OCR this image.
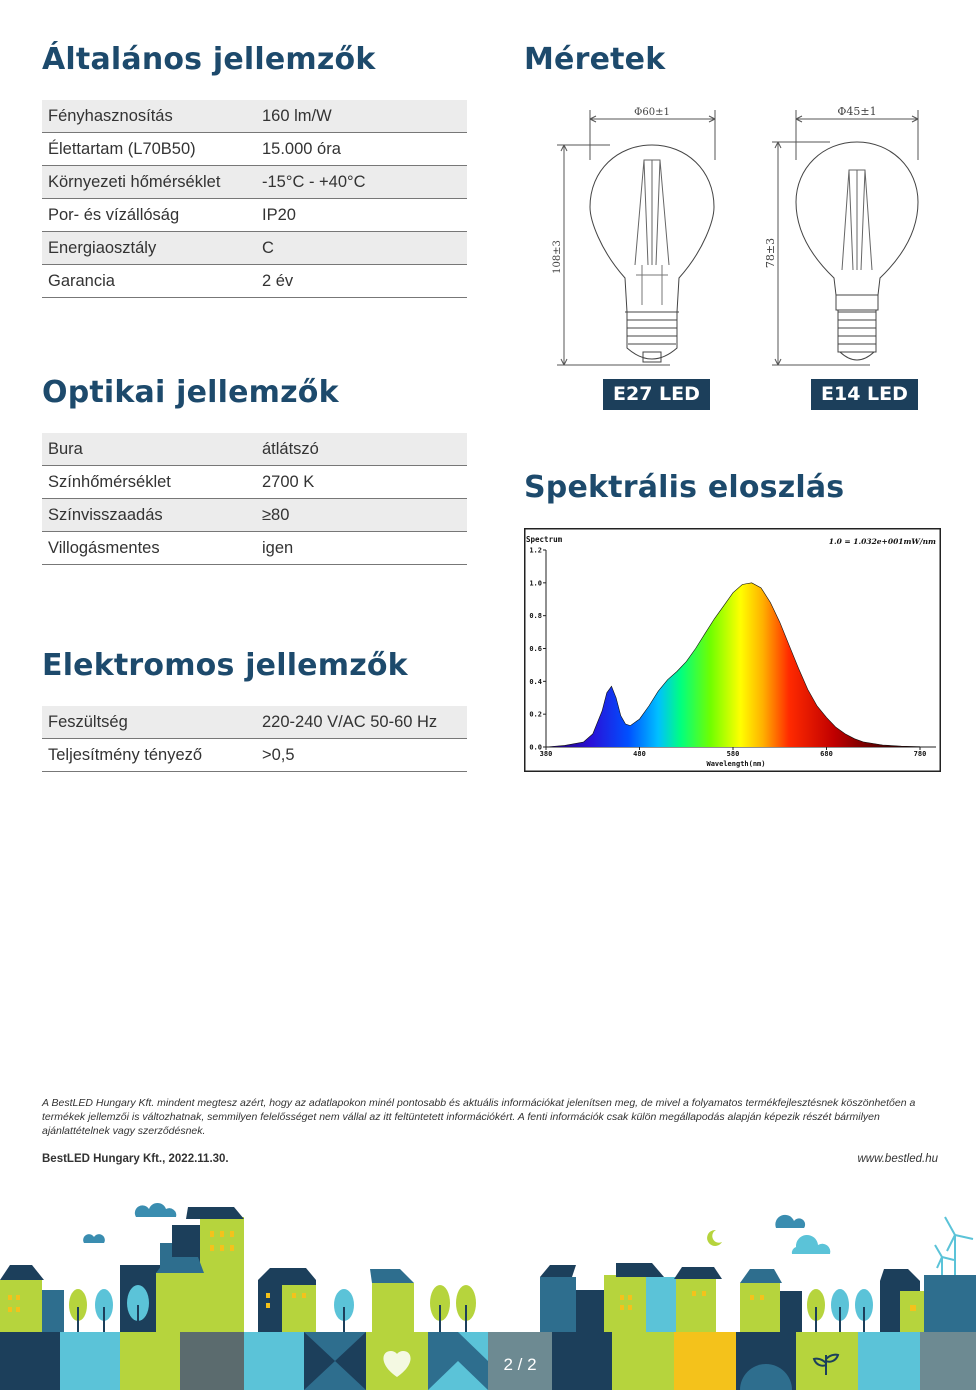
Általános jellemzők	Méretek
Optikai jellemzők
Spektrális eloszlás
Elektromos jellemzők
Fényhasznosítás	160 lm/W
Élettartam (L70B50)	15.000 óra
Környezeti hőmérséklet	-15°C - +40°C
Por- és vízállóság	IP20
Energiaosztály	C
Garancia	2 év
Bura	átlátszó
Színhőmérséklet	2700 K
Színvisszaadás	≥80
Villogásmentes	igen
Feszültség	220-240 V/AC 50-60 Hz
Teljesítmény tényező	>0,5
Φ60±1	Φ45±1
108±3	78±3
E27 LED	E14 LED
0.0
0.2
0.4
0.6
0.8
1.0
1.2
380	480	580	680	780
Spectrum	1.0 = 1.032e+001mW/nm
Wavelength(nm)

A BestLED Hungary Kft. mindent megtesz azért, hogy az adatlapokon minél pontosabb és aktuális információkat jelenítsen meg, de mivel a folyamatos termékfejlesztésnek köszönhetően a termékek jellemzői is változhatnak, semmilyen felelősséget nem vállal az itt feltüntetett információkért. A fenti információk csak külön megállapodás alapján képezik részét bármilyen ajánlattételnek vagy szerződésnek.

BestLED Hungary Kft., 2022.11.30.	www.bestled.hu
2 / 2
